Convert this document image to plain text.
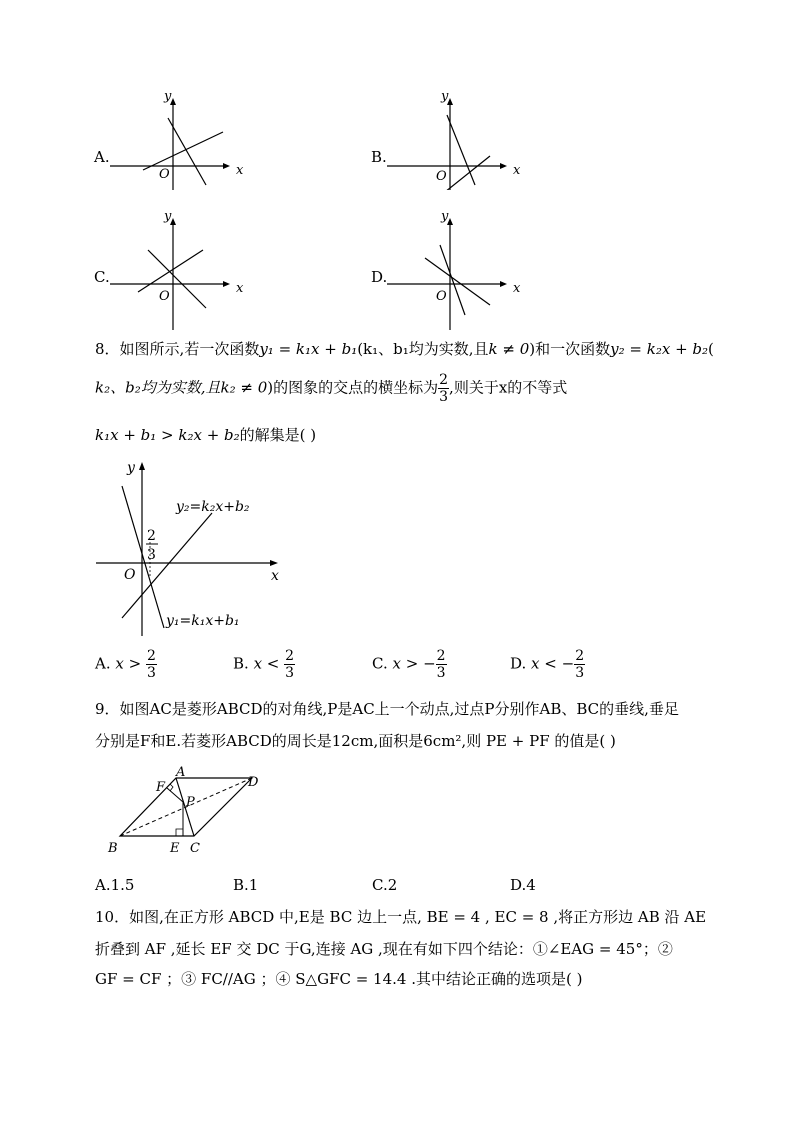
A.
y
x
O
B.
y
x
O
C.
y
x
O
D.
y
x
O
8．如图所示,若一次函数y₁ = k₁x + b₁(k₁、b₁均为实数,且k ≠ 0)和一次函数y₂ = k₂x + b₂(
k₂、b₂均为实数,且k₂ ≠ 0)的图象的交点的横坐标为 $\frac{2}{3}$ ,则关于x的不等式
k₁x + b₁ > k₂x + b₂的解集是( )
y
x
O
2
3
y₂=k₂x+b₂
y₁=k₁x+b₁
A. $x > \frac{2}{3}$	B. $x < \frac{2}{3}$	C. x > − $\frac{2}{3}$	D. x < − $\frac{2}{3}$
9．如图AC是菱形ABCD的对角线,P是AC上一个动点,过点P分别作AB、BC的垂线,垂足
分别是F和E.若菱形ABCD的周长是12cm,面积是6cm²,则 PE + PF 的值是( )
A
D
B	C
E
F
P
A.1.5	B.1	C.2	D.4
10．如图,在正方形 ABCD 中,E是 BC 边上一点, BE = 4 , EC = 8 ,将正方形边 AB 沿 AE
折叠到 AF ,延长 EF 交 DC 于G,连接 AG ,现在有如下四个结论：①∠EAG = 45°；②
GF = CF ；③ FC//AG ；④ S△GFC = 14.4 .其中结论正确的选项是( )
